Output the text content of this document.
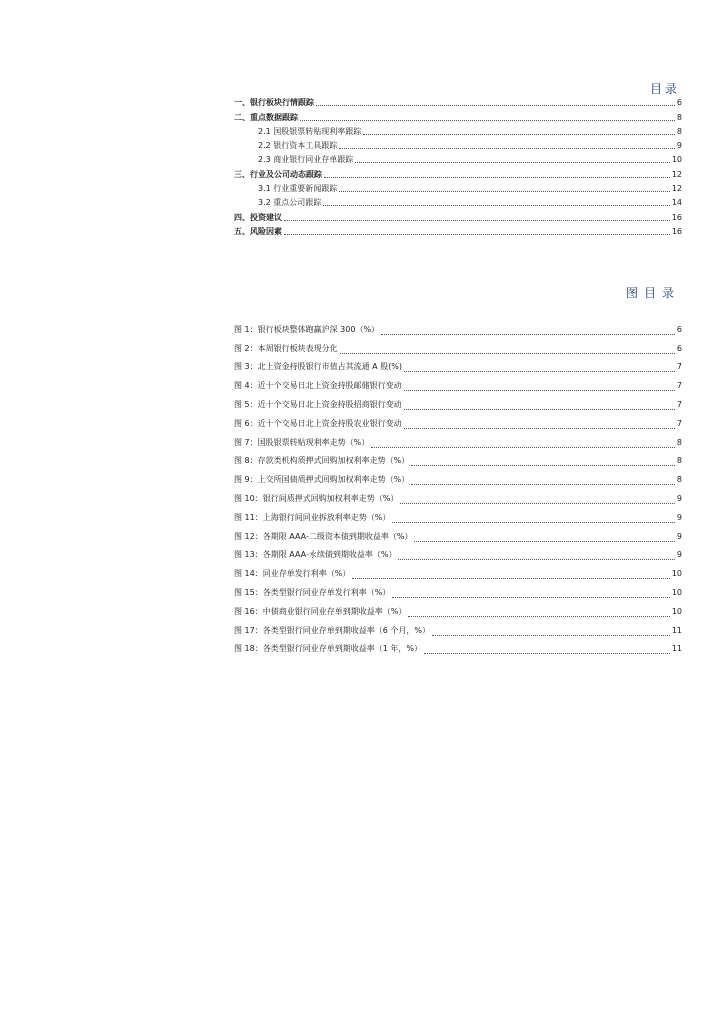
目录
一、银行板块行情跟踪	6
二、重点数据跟踪	8
2.1 国股银票转贴现利率跟踪	8
2.2 银行资本工具跟踪	9
2.3 商业银行同业存单跟踪	10
三、行业及公司动态跟踪	12
3.1 行业重要新闻跟踪	12
3.2 重点公司跟踪	14
四、投资建议	16
五、风险因素	16
图目录
图 1：银行板块整体跑赢沪深 300（%）	6
图 2：本周银行板块表现分化	6
图 3：北上资金持股银行市值占其流通 A 股(%)	7
图 4：近十个交易日北上资金持股邮储银行变动	7
图 5：近十个交易日北上资金持股招商银行变动	7
图 6：近十个交易日北上资金持股农业银行变动	7
图 7：国股银票转贴现利率走势（%）	8
图 8：存款类机构质押式回购加权利率走势（%）	8
图 9：上交所国债质押式回购加权利率走势（%）	8
图 10：银行间质押式回购加权利率走势（%）	9
图 11：上海银行间同业拆放利率走势（%）	9
图 12：各期限 AAA-二级资本债到期收益率（%）	9
图 13：各期限 AAA-永续债到期收益率（%）	9
图 14：同业存单发行利率（%）	10
图 15：各类型银行同业存单发行利率（%）	10
图 16：中债商业银行同业存单到期收益率（%）	10
图 17：各类型银行同业存单到期收益率（6 个月，%）	11
图 18：各类型银行同业存单到期收益率（1 年，%）	11
